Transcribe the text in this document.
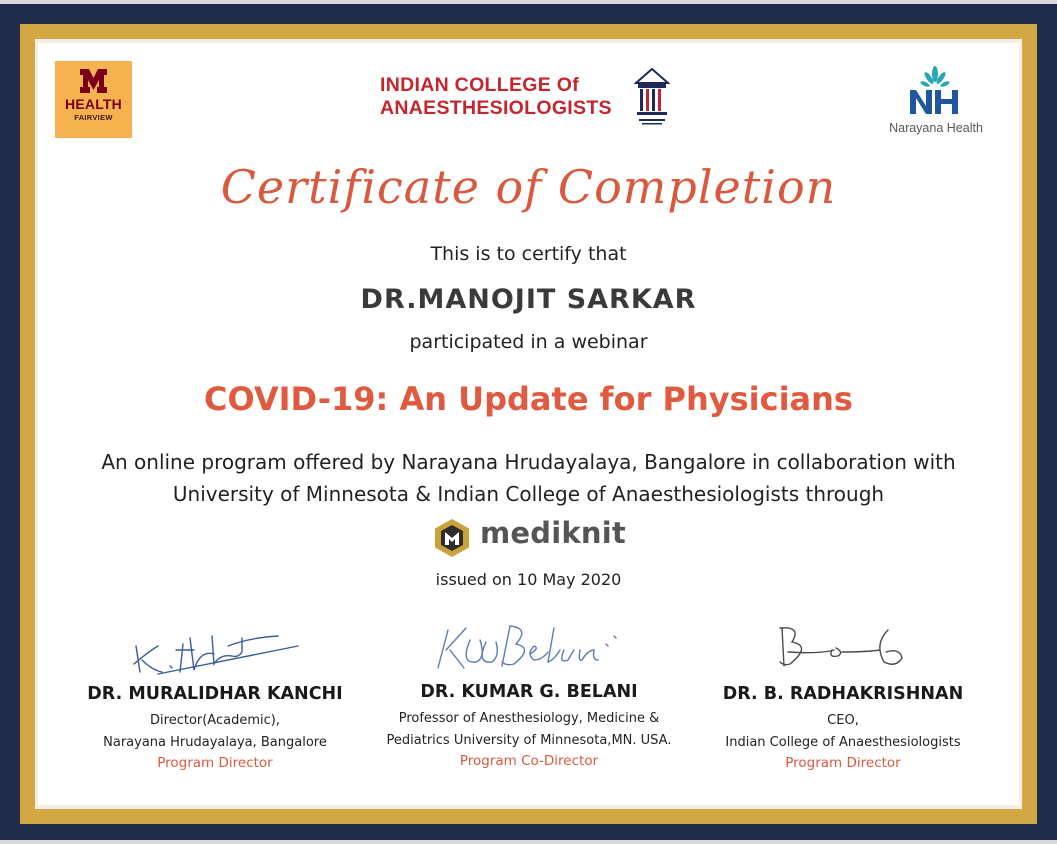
HEALTH
FAIRVIEW
INDIAN COLLEGE Of
ANAESTHESIOLOGISTS
Narayana Health
Certificate of Completion
This is to certify that
DR.MANOJIT SARKAR
participated in a webinar
COVID-19: An Update for Physicians
An online program offered by Narayana Hrudayalaya, Bangalore in collaboration with
University of Minnesota & Indian College of Anaesthesiologists through
mediknit
issued on 10 May 2020
DR. MURALIDHAR KANCHI
Director(Academic),
Narayana Hrudayalaya, Bangalore
Program Director
DR. KUMAR G. BELANI
Professor of Anesthesiology, Medicine &
Pediatrics University of Minnesota,MN. USA.
Program Co-Director
DR. B. RADHAKRISHNAN
CEO,
Indian College of Anaesthesiologists
Program Director
